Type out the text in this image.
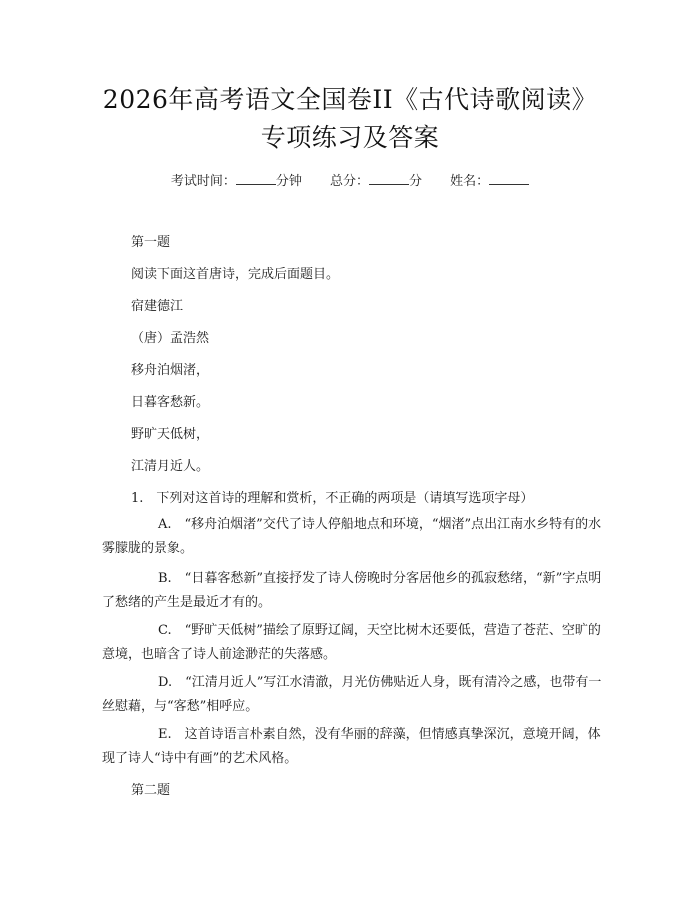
2026年高考语文全国卷II《古代诗歌阅读》
专项练习及答案
考试时间：	分钟 总分：	分 姓名：
第一题
阅读下面这首唐诗，完成后面题目。
宿建德江
（唐）孟浩然
移舟泊烟渚，
日暮客愁新。
野旷天低树，
江清月近人。
1.　下列对这首诗的理解和赏析，不正确的两项是（请填写选项字母）
A.　“移舟泊烟渚”交代了诗人停船地点和环境，“烟渚”点出江南水乡特有的水雾朦胧的景象。
B.　“日暮客愁新”直接抒发了诗人傍晚时分客居他乡的孤寂愁绪，“新”字点明了愁绪的产生是最近才有的。
C.　“野旷天低树”描绘了原野辽阔，天空比树木还要低，营造了苍茫、空旷的意境，也暗含了诗人前途渺茫的失落感。
D.　“江清月近人”写江水清澈，月光仿佛贴近人身，既有清冷之感，也带有一丝慰藉，与“客愁”相呼应。
E.　这首诗语言朴素自然，没有华丽的辞藻，但情感真挚深沉，意境开阔，体现了诗人“诗中有画”的艺术风格。
第二题
